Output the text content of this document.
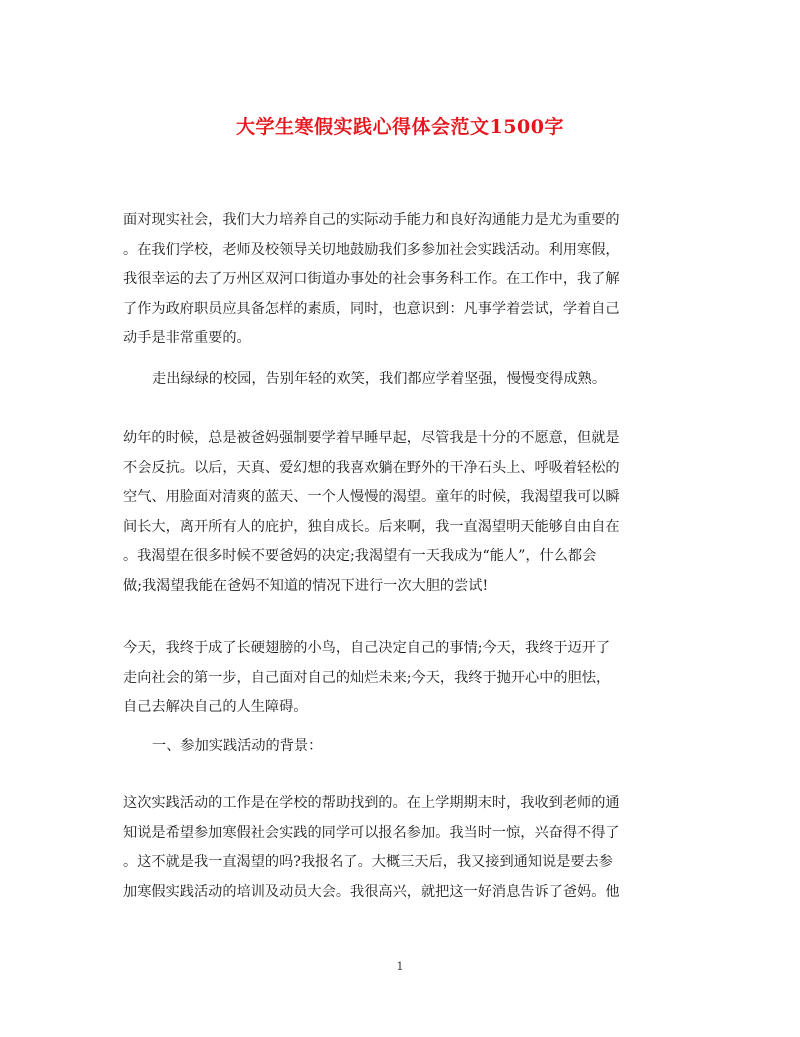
大学生寒假实践心得体会范文1500字
面对现实社会，我们大力培养自己的实际动手能力和良好沟通能力是尤为重要的
。在我们学校，老师及校领导关切地鼓励我们多参加社会实践活动。利用寒假，
我很幸运的去了万州区双河口街道办事处的社会事务科工作。在工作中，我了解
了作为政府职员应具备怎样的素质，同时，也意识到：凡事学着尝试，学着自己
动手是非常重要的。
走出绿绿的校园，告别年轻的欢笑，我们都应学着坚强，慢慢变得成熟。
幼年的时候，总是被爸妈强制要学着早睡早起，尽管我是十分的不愿意，但就是
不会反抗。以后，天真、爱幻想的我喜欢躺在野外的干净石头上、呼吸着轻松的
空气、用脸面对清爽的蓝天、一个人慢慢的渴望。童年的时候，我渴望我可以瞬
间长大，离开所有人的庇护，独自成长。后来啊，我一直渴望明天能够自由自在
。我渴望在很多时候不要爸妈的决定;我渴望有一天我成为“能人”，什么都会
做;我渴望我能在爸妈不知道的情况下进行一次大胆的尝试!
今天，我终于成了长硬翅膀的小鸟，自己决定自己的事情;今天，我终于迈开了
走向社会的第一步，自己面对自己的灿烂未来;今天，我终于抛开心中的胆怯，
自己去解决自己的人生障碍。
一、参加实践活动的背景：
这次实践活动的工作是在学校的帮助找到的。在上学期期末时，我收到老师的通
知说是希望参加寒假社会实践的同学可以报名参加。我当时一惊，兴奋得不得了
。这不就是我一直渴望的吗?我报名了。大概三天后，我又接到通知说是要去参
加寒假实践活动的培训及动员大会。我很高兴，就把这一好消息告诉了爸妈。他
1
